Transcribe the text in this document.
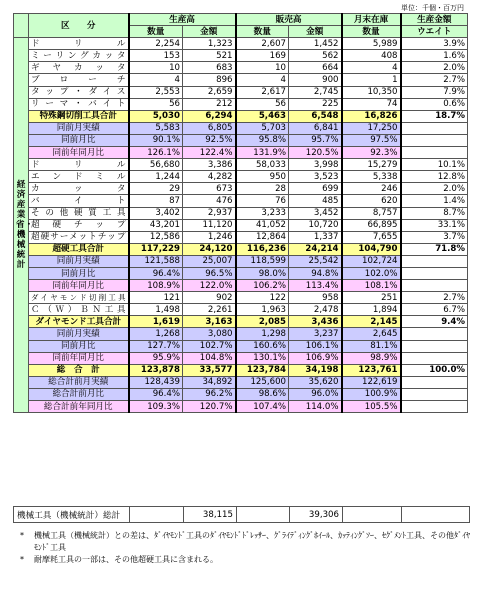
単位：千個・百万円
	区　　分	生産高		販売高		月末在庫	生産金額
		数量	金額	数量	金額	数量	ウエイト
経済産業省・機械統計	ド　リ　ル	2,254	1,323	2,607	1,452	5,989	3.9%
	ミーリングカッタ	153	521	169	562	408	1.6%
	ギ ヤ カ ッ タ	10	683	10	664	4	2.0%
	ブ ロ ー チ	4	896	4	900	1	2.7%
	タップ・ダイス	2,553	2,659	2,617	2,745	10,350	7.9%
	リーマ・バイト	56	212	56	225	74	0.6%
	特殊鋼切削工具合計	5,030	6,294	5,463	6,548	16,826	18.7%
	同前月実績	5,583	6,805	5,703	6,841	17,250	
	同前月比	90.1%	92.5%	95.8%	95.7%	97.5%	
	同前年同月比	126.1%	122.4%	131.9%	120.5%	92.3%	
	ド　リ　ル	56,680	3,386	58,033	3,998	15,279	10.1%
	エ ン ド ミ ル	1,244	4,282	950	3,523	5,338	12.8%
	カ　ッ　タ	29	673	28	699	246	2.0%
	バ　イ　ト	87	476	76	485	620	1.4%
	その他硬質工具	3,402	2,937	3,233	3,452	8,757	8.7%
	超 硬 チ ッ プ	43,201	11,120	41,052	10,720	66,895	33.1%
	超硬サーメットチップ	12,586	1,246	12,864	1,337	7,655	3.7%
	超硬工具合計	117,229	24,120	116,236	24,214	104,790	71.8%
	同前月実績	121,588	25,007	118,599	25,542	102,724	
	同前月比	96.4%	96.5%	98.0%	94.8%	102.0%	
	同前年同月比	108.9%	122.0%	106.2%	113.4%	108.1%	
	ダイヤモンド切削工具	121	902	122	958	251	2.7%
	Ｃ（Ｗ）ＢＮ工具	1,498	2,261	1,963	2,478	1,894	6.7%
	ダイヤモンド工具合計	1,619	3,163	2,085	3,436	2,145	9.4%
	同前月実績	1,268	3,080	1,298	3,237	2,645	
	同前月比	127.7%	102.7%	160.6%	106.1%	81.1%	
	同前年同月比	95.9%	104.8%	130.1%	106.9%	98.9%	
	総　合　計	123,878	33,577	123,784	34,198	123,761	100.0%
	総合計前月実績	128,439	34,892	125,600	35,620	122,619	
	総合計前月比	96.4%	96.2%	98.6%	96.0%	100.9%	
	総合計前年同月比	109.3%	120.7%	107.4%	114.0%	105.5%	
機械工具（機械統計）総計		38,115		39,306		
*	機械工具（機械統計）との差は、ﾀﾞｲﾔﾓﾝﾄﾞ工具のﾀﾞｲﾔﾓﾝﾄﾞﾄﾞﾚｯｻｰ、ｸﾞﾗｲﾃﾞｨﾝｸﾞﾎｲｰﾙ、ｶｯﾃｨﾝｸﾞｿｰ、ｾｸﾞﾒﾝﾄ工具、その他ﾀﾞｲﾔﾓﾝﾄﾞ工具
*	耐摩耗工具の一部は、その他超硬工具に含まれる。
